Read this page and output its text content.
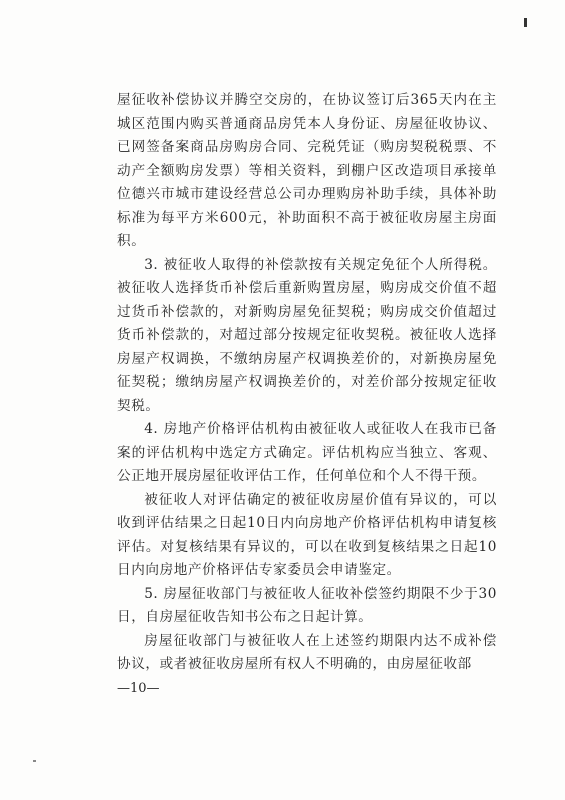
屋征收补偿协议并腾空交房的，在协议签订后365天内在主城区范围内购买普通商品房凭本人身份证、房屋征收协议、已网签备案商品房购房合同、完税凭证（购房契税税票、不动产全额购房发票）等相关资料，到棚户区改造项目承接单位德兴市城市建设经营总公司办理购房补助手续，具体补助标准为每平方米600元，补助面积不高于被征收房屋主房面积。

3. 被征收人取得的补偿款按有关规定免征个人所得税。被征收人选择货币补偿后重新购置房屋，购房成交价值不超过货币补偿款的，对新购房屋免征契税；购房成交价值超过货币补偿款的，对超过部分按规定征收契税。被征收人选择房屋产权调换，不缴纳房屋产权调换差价的，对新换房屋免征契税；缴纳房屋产权调换差价的，对差价部分按规定征收契税。

4. 房地产价格评估机构由被征收人或征收人在我市已备案的评估机构中选定方式确定。评估机构应当独立、客观、公正地开展房屋征收评估工作，任何单位和个人不得干预。

被征收人对评估确定的被征收房屋价值有异议的，可以收到评估结果之日起10日内向房地产价格评估机构申请复核评估。对复核结果有异议的，可以在收到复核结果之日起10日内向房地产价格评估专家委员会申请鉴定。

5. 房屋征收部门与被征收人征收补偿签约期限不少于30日，自房屋征收告知书公布之日起计算。

房屋征收部门与被征收人在上述签约期限内达不成补偿协议，或者被征收房屋所有权人不明确的，由房屋征收部

—10—
